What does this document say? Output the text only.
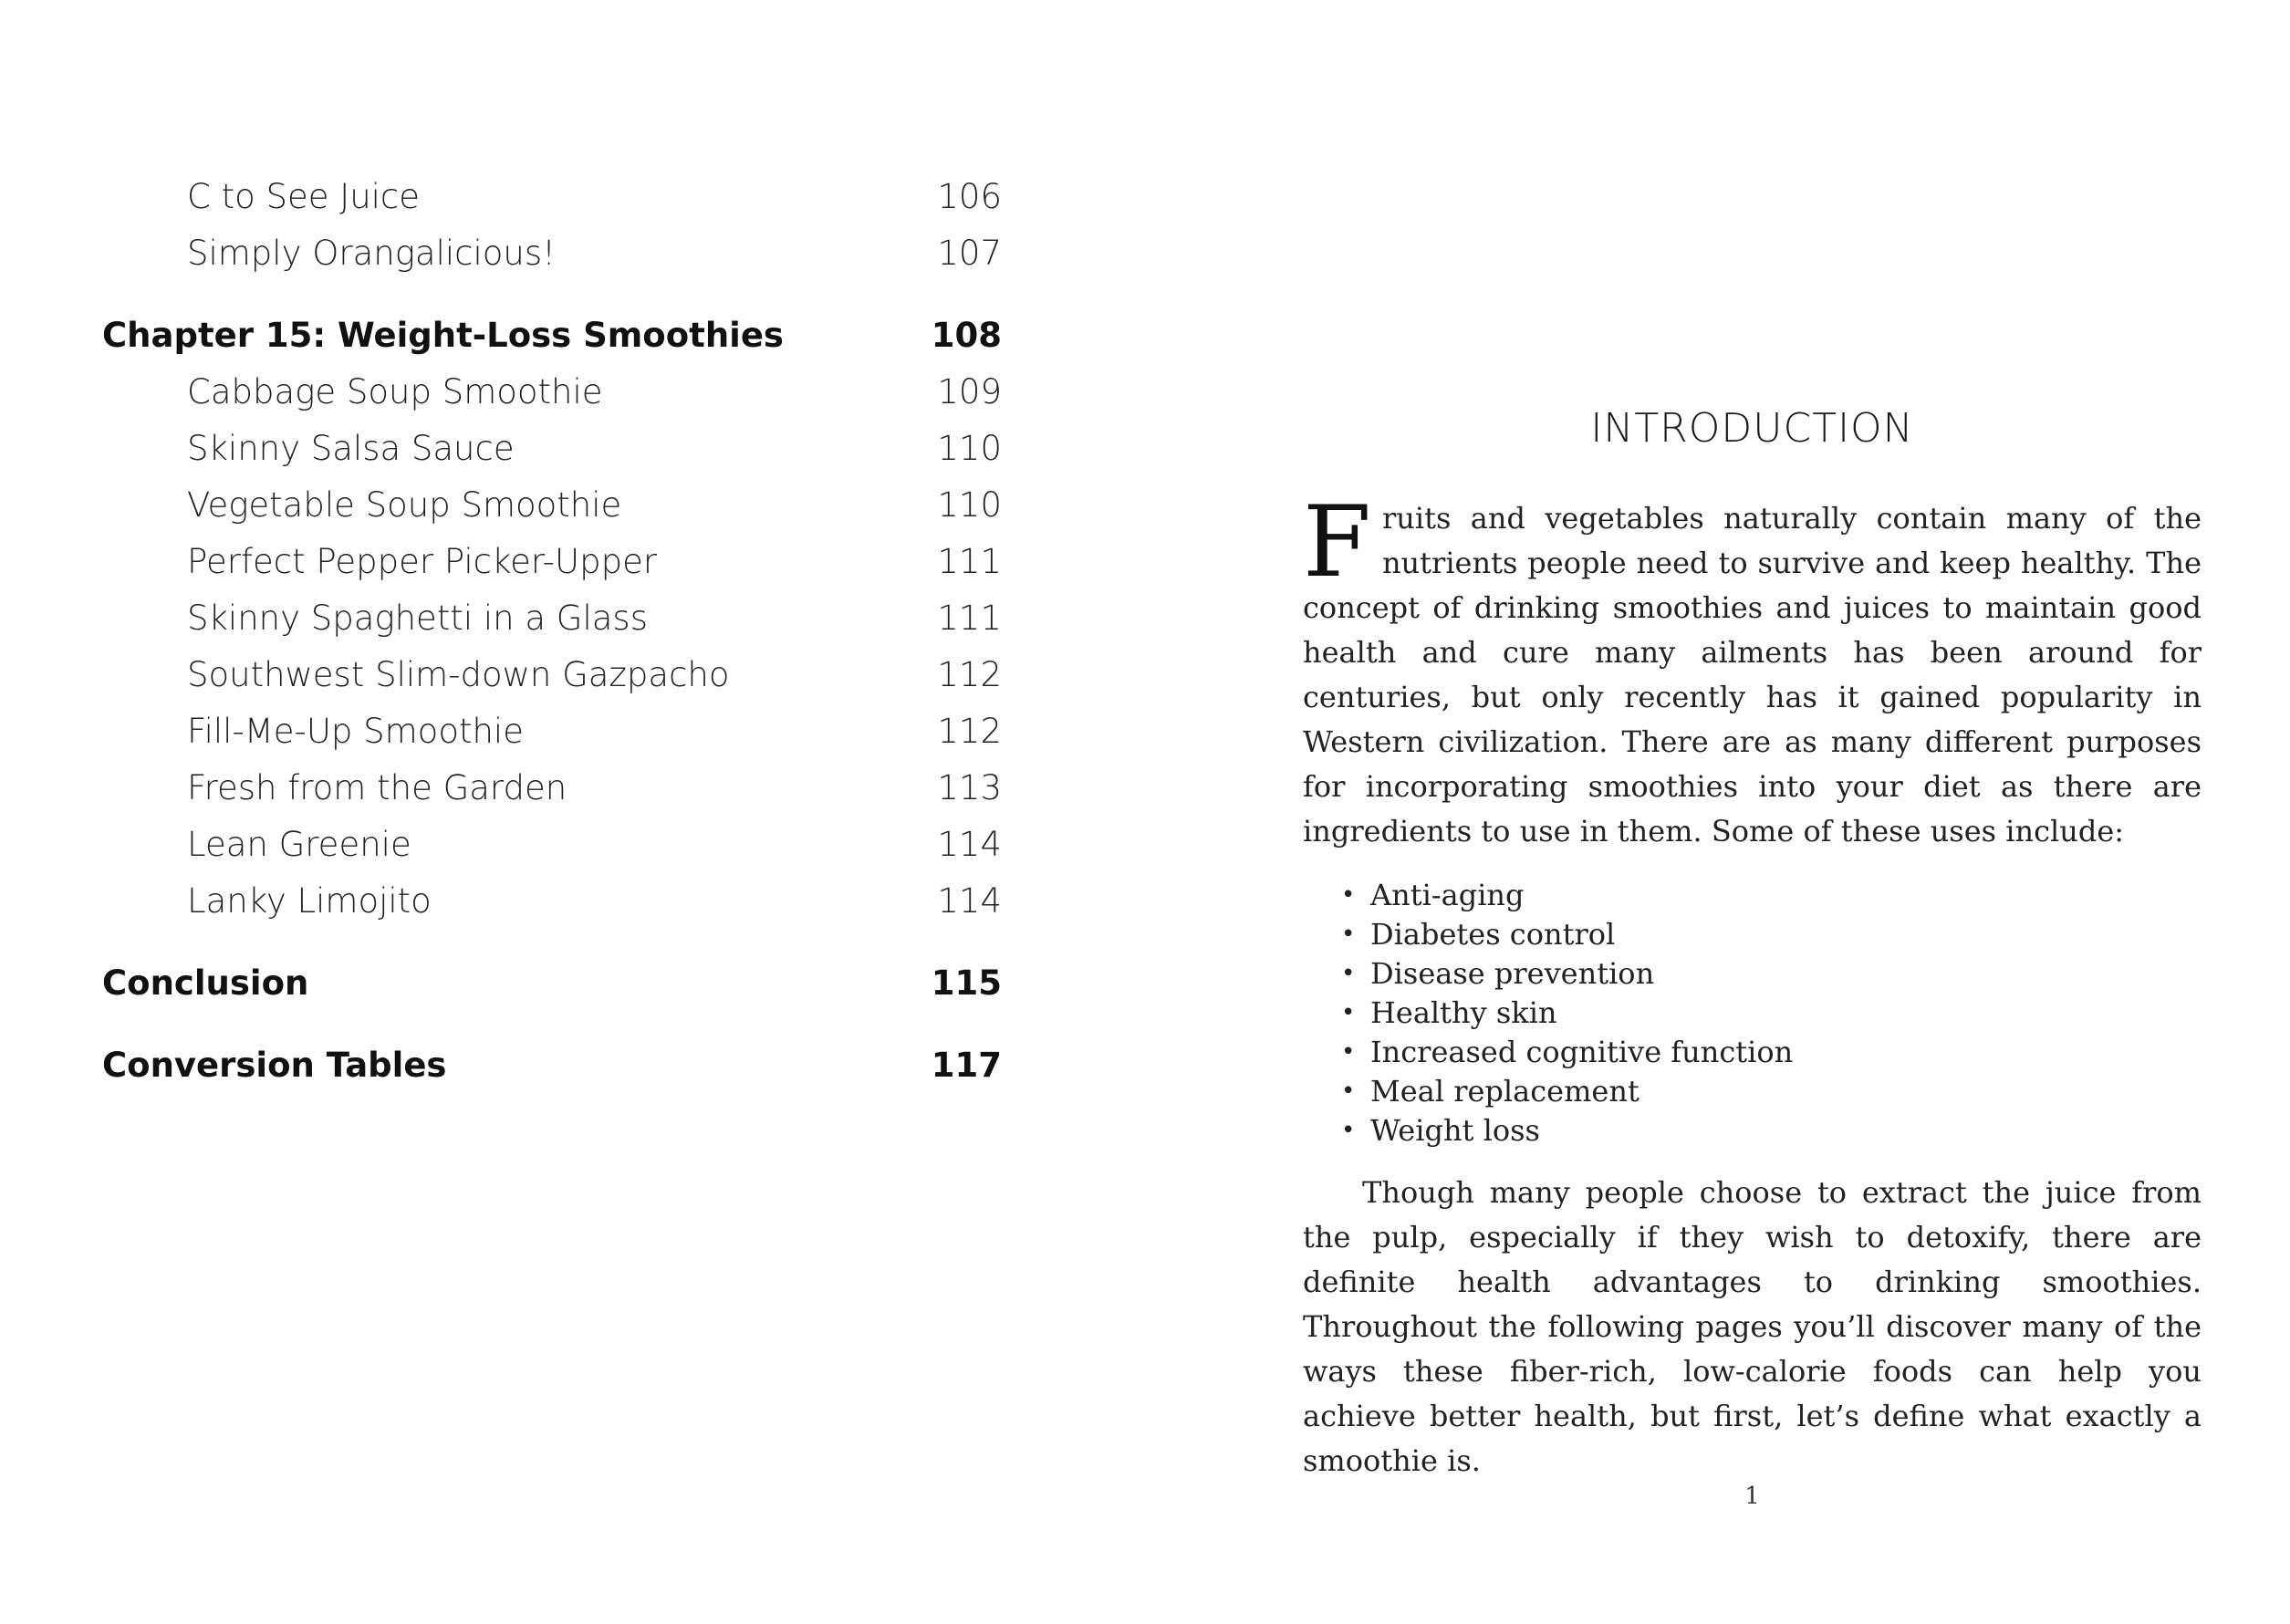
C to See Juice	106
Simply Orangalicious!	107
Chapter 15: Weight-Loss Smoothies	108
Cabbage Soup Smoothie	109
Skinny Salsa Sauce	110
Vegetable Soup Smoothie	110
Perfect Pepper Picker-Upper	111
Skinny Spaghetti in a Glass	111
Southwest Slim-down Gazpacho	112
Fill-Me-Up Smoothie	112
Fresh from the Garden	113
Lean Greenie	114
Lanky Limojito	114
Conclusion	115
Conversion Tables	117
INTRODUCTION

Fruits and vegetables naturally contain many of the nutrients people need to survive and keep healthy. The concept of drinking smoothies and juices to maintain good health and cure many ailments has been around for centuries, but only recently has it gained popularity in Western civilization. There are as many different purposes for incorporating smoothies into your diet as there are ingredients to use in them. Some of these uses include:

• Anti-aging
• Diabetes control
• Disease prevention
• Healthy skin
• Increased cognitive function
• Meal replacement
• Weight loss

Though many people choose to extract the juice from the pulp, especially if they wish to detoxify, there are definite health advantages to drinking smoothies. Throughout the following pages you’ll discover many of the ways these fiber-rich, low-calorie foods can help you achieve better health, but first, let’s define what exactly a smoothie is.

1
